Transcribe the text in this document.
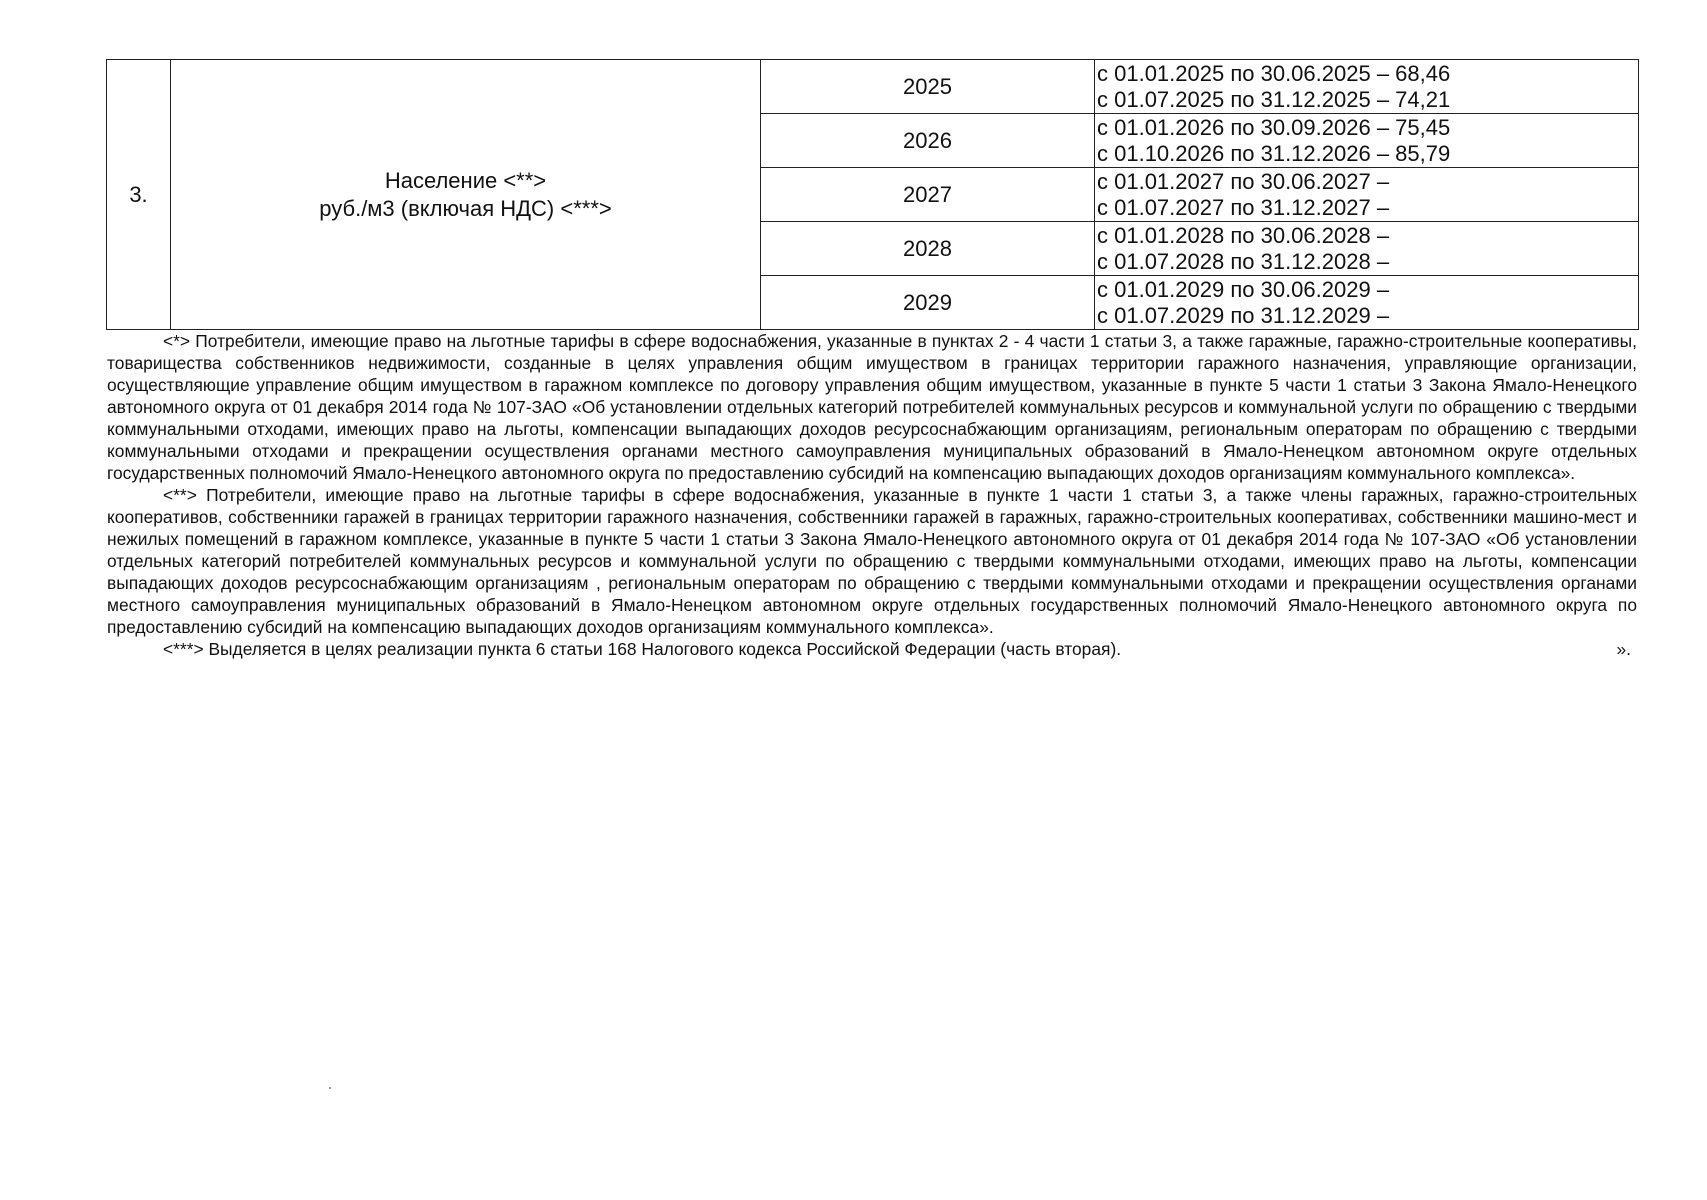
3.	Население <**>
руб./м3 (включая НДС) <***>	2025	с 01.01.2025 по 30.06.2025 – 68,46
с 01.07.2025 по 31.12.2025 – 74,21

		2026	с 01.01.2026 по 30.09.2026 – 75,45
с 01.10.2026 по 31.12.2026 – 85,79

		2027	с 01.01.2027 по 30.06.2027 –
с 01.07.2027 по 31.12.2027 –

		2028	с 01.01.2028 по 30.06.2028 –
с 01.07.2028 по 31.12.2028 –

		2029	с 01.01.2029 по 30.06.2029 –
с 01.07.2029 по 31.12.2029 –

<*> Потребители, имеющие право на льготные тарифы в сфере водоснабжения, указанные в пунктах 2 - 4 части 1 статьи 3, а также гаражные, гаражно-строительные кооперативы, товарищества собственников недвижимости, созданные в целях управления общим имуществом в границах территории гаражного назначения, управляющие организации, осуществляющие управление общим имуществом в гаражном комплексе по договору управления общим имуществом, указанные в пункте 5 части 1 статьи 3 Закона Ямало-Ненецкого автономного округа от 01 декабря 2014 года № 107-ЗАО «Об установлении отдельных категорий потребителей коммунальных ресурсов и коммунальной услуги по обращению с твердыми коммунальными отходами, имеющих право на льготы, компенсации выпадающих доходов ресурсоснабжающим организациям, региональным операторам по обращению с твердыми коммунальными отходами и прекращении осуществления органами местного самоуправления муниципальных образований в Ямало-Ненецком автономном округе отдельных государственных полномочий Ямало-Ненецкого автономного округа по предоставлению субсидий на компенсацию выпадающих доходов организациям коммунального комплекса».

<**> Потребители, имеющие право на льготные тарифы в сфере водоснабжения, указанные в пункте 1 части 1 статьи 3, а также члены гаражных, гаражно-строительных кооперативов, собственники гаражей в границах территории гаражного назначения, собственники гаражей в гаражных, гаражно-строительных кооперативах, собственники машино-мест и нежилых помещений в гаражном комплексе, указанные в пункте 5 части 1 статьи 3 Закона Ямало-Ненецкого автономного округа от 01 декабря 2014 года № 107-ЗАО «Об установлении отдельных категорий потребителей коммунальных ресурсов и коммунальной услуги по обращению с твердыми коммунальными отходами, имеющих право на льготы, компенсации выпадающих доходов ресурсоснабжающим организациям , региональным операторам по обращению с твердыми коммунальными отходами и прекращении осуществления органами местного самоуправления муниципальных образований в Ямало-Ненецком автономном округе отдельных государственных полномочий Ямало-Ненецкого автономного округа по предоставлению субсидий на компенсацию выпадающих доходов организациям коммунального комплекса».

<***> Выделяется в целях реализации пункта 6 статьи 168 Налогового кодекса Российской Федерации (часть вторая).	».
